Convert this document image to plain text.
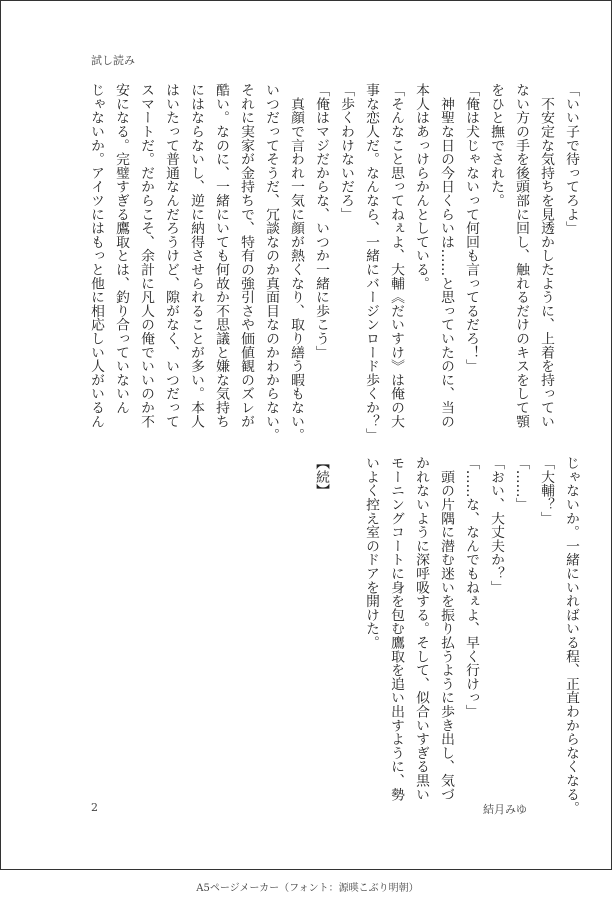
試し読み
「いい子で待ってろよ」
　不安定な気持ちを見透かしたように、上着を持ってい
ない方の手を後頭部に回し、触れるだけのキスをして顎
をひと撫でされた。
「俺は犬じゃないって何回も言ってるだろ！」
　神聖な日の今日くらいは……と思っていたのに、当の
本人はあっけらかんとしている。
「そんなこと思ってねぇよ、大輔《だいすけ》は俺の大
事な恋人だ。なんなら、一緒にバージンロード歩くか？」
「歩くわけないだろ」
「俺はマジだからな、いつか一緒に歩こう」
　真顔で言われ一気に顔が熱くなり、取り繕う暇もない。
いつだってそうだ、冗談なのか真面目なのかわからない。
それに実家が金持ちで、特有の強引さや価値観のズレが
酷い。なのに、一緒にいても何故か不思議と嫌な気持ち
にはならないし、逆に納得させられることが多い。本人
はいたって普通なんだろうけど、隙がなく、いつだって
スマートだ。だからこそ、余計に凡人の俺でいいのか不
安になる。完璧すぎる鷹取とは、釣り合っていないん
じゃないか。アイツにはもっと他に相応しい人がいるん
じゃないか。一緒にいればいる程、正直わからなくなる。
「大輔？」
「……」
「おい、大丈夫か？」
「……な、なんでもねぇよ、早く行けっ」
　頭の片隅に潜む迷いを振り払うように歩き出し、気づ
かれないように深呼吸する。そして、似合いすぎる黒い
モーニングコートに身を包む鷹取を追い出すように、勢
いよく控え室のドアを開けた。
【続】
2	結月みゆ
A5ページメーカー（フォント：源暎こぶり明朝）
